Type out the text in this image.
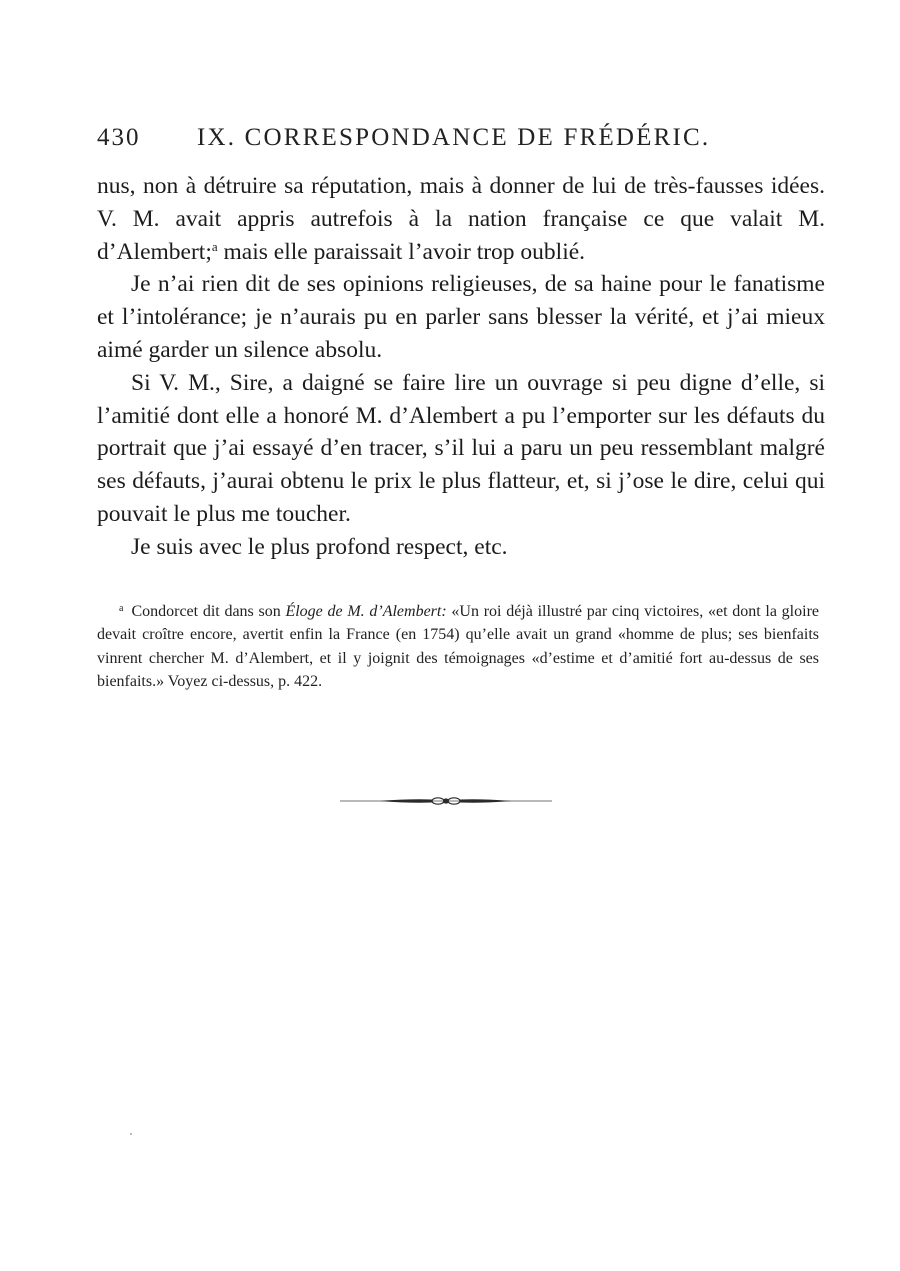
430 IX. CORRESPONDANCE DE FRÉDÉRIC.

nus, non à détruire sa réputation, mais à donner de lui de très-fausses idées. V. M. avait appris autrefois à la nation française ce que valait M. d’Alembert;$^a$ mais elle paraissait l’avoir trop oublié.

Je n’ai rien dit de ses opinions religieuses, de sa haine pour le fanatisme et l’intolérance; je n’aurais pu en parler sans blesser la vérité, et j’ai mieux aimé garder un silence absolu.

Si V. M., Sire, a daigné se faire lire un ouvrage si peu digne d’elle, si l’amitié dont elle a honoré M. d’Alembert a pu l’emporter sur les défauts du portrait que j’ai essayé d’en tracer, s’il lui a paru un peu ressemblant malgré ses défauts, j’aurai obtenu le prix le plus flatteur, et, si j’ose le dire, celui qui pouvait le plus me toucher.

Je suis avec le plus profond respect, etc.

a Condorcet dit dans son Éloge de M. d’Alembert: «Un roi déjà illustré par cinq victoires, «et dont la gloire devait croître encore, avertit enfin la France (en 1754) qu’elle avait un grand «homme de plus; ses bienfaits vinrent chercher M. d’Alembert, et il y joignit des témoignages «d’estime et d’amitié fort au-dessus de ses bienfaits.» Voyez ci-dessus, p. 422.
